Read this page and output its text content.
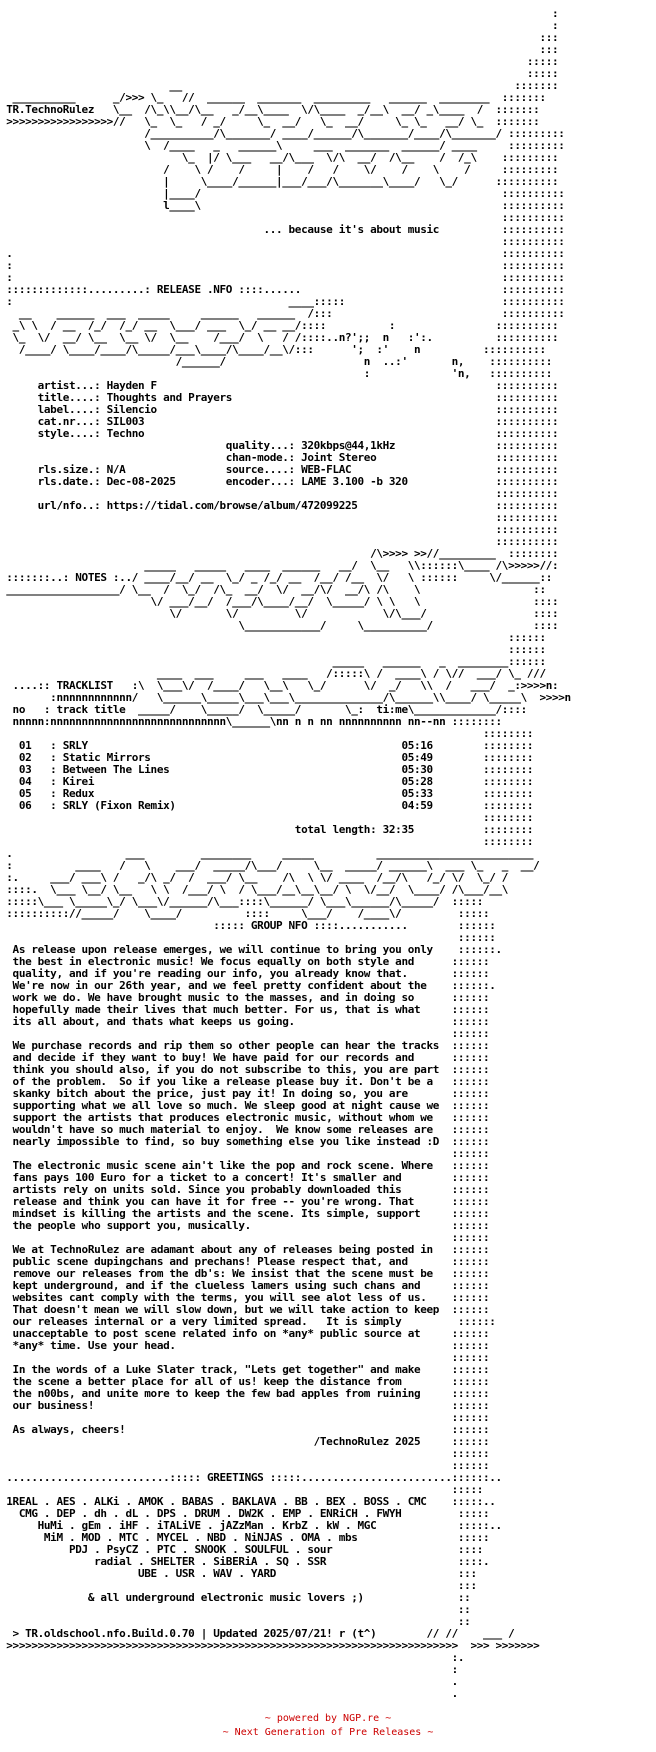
:
:
:::
:::
:::::
:::::
__                                                     :::::::
__________      _/>>> \_   //  ______  _______  _________   ______  ________  :::::::
TR.TechnoRulez   \__  /\_\\__/\__   _/__\____  \/\____  _/__\  __/ _\____  /  :::::::
>>>>>>>>>>>>>>>>>//   \_  \_   / _/     \_  __/   \_  __/     \_ \_   __/ \_  :::::::
/__________/\_______/ ____/______/\_______/____/\_______/ :::::::::
\  /____   _   ______\     ___  _______  ______/ ____     :::::::::
\_  |/ \___   __/\___  \/\  __/  /\__    /  /_\    :::::::::
/    \ /    /     |    /   /    \/    /    \    /     :::::::::
|     \____/______|___/___/\_______\____/   \_/      ::::::::::
|____/                                                ::::::::::
l____\                                                ::::::::::
::::::::::
... because it's about music          ::::::::::
::::::::::
.                                                                              ::::::::::
:                                                                              ::::::::::
:                                                                              ::::::::::
:::::::::::::.........: RELEASE .NFO ::::......                                ::::::::::
:                                            ____:::::                         ::::::::::
__    ______  ___  _____     ______   ______  /:::                           ::::::::::
_\ \  / __  /_/  /_/ __  \___/ ___  \_/ __ __/::::          :                ::::::::::
\_  \/  __/ \__  \__ \/  \__    /___/  \   / /::::..n?';;  n   :':.          ::::::::::
/____/ \____/____/\_____/___\____/\____/__\/:::      ';  :'    n          ::::::::::
/______/                      n  ..:'       n,    ::::::::::
:             'n,   ::::::::::
artist...: Hayden F                                                      ::::::::::
title....: Thoughts and Prayers                                          ::::::::::
label....: Silencio                                                      ::::::::::
cat.nr...: SIL003                                                        ::::::::::
style....: Techno                                                        ::::::::::
quality...: 320kbps@44,1kHz                ::::::::::
chan-mode.: Joint Stereo                   ::::::::::
rls.size.: N/A                source....: WEB-FLAC                       ::::::::::
rls.date.: Dec-08-2025        encoder...: LAME 3.100 -b 320              ::::::::::
::::::::::
url/nfo..: https://tidal.com/browse/album/472099225                      ::::::::::
::::::::::
::::::::::
::::::::::
/\>>>> >>//_________  ::::::::
_____   _____   ____  ______   __/  \__   \\::::::\____ /\>>>>>//:
:::::::..: NOTES :../ ____/__/ __  \_/ _ /_/ __  /__/ /__  \/   \ ::::::     \/______::
__________________/ \__  /  \_/  /\_  __/  \/  __/\/  __/\ /\    \                  ::
\/ ___/__/  /___/\____/__/  \_____/ \ \   \                  ::::
\/       \/         \/            \/\___/                 ::::
\____________/     \__________/                ::::
::::::
::::::
_____   ______   _  ________::::::
____  ___     ___   ____   /:::::\ /  ____\ / \//  ___/ \_ ///
....:: TRACKLIST   :\  \___\/  /____/   \__\   \_/      \/  _/   \\  /   ___/  _:>>>>n:
:nnnnnnnnnnnn/   \______\_____\___\___\______________/\______\\____/ \_____\  >>>>n
no   : track title  _____/    \_____/  \_____/       \_:  ti:me\_____________/::::
nnnnn:nnnnnnnnnnnnnnnnnnnnnnnnnnnn\______\nn n n nn nnnnnnnnnn nn--nn ::::::::
::::::::
01   : SRLY                                                  05:16        ::::::::
02   : Static Mirrors                                        05:49        ::::::::
03   : Between The Lines                                     05:30        ::::::::
04   : Kirei                                                 05:28        ::::::::
05   : Redux                                                 05:33        ::::::::
06   : SRLY (Fixon Remix)                                    04:59        ::::::::
::::::::
total length: 32:35           ::::::::
::::::::
.                  ___         ________     _____          _________________________
:          ____   /   \    ___/  _____/\___/     \__  _____/ ______\  ___ \_   _  __/
:.     ___/ ___\ /   _/\ _/  /  ___/ \__    /\  \ \/ ____  /__/\   /_/ \/  \_/ /
::::.  \___ \__/ \__   \ \  /___/ \  / \___/__\__\__/ \  \/__/  \____/ /\___/__\
:::::\___ \_____\_/ \___\/______/\___::::\______/ \___\______/\_____/  :::::
:::::::::://_____/    \____/          ::::     \___/    /____\/         :::::
::::: GROUP NFO ::::...........        ::::::
::::::
As release upon release emerges, we will continue to bring you only    ::::::.
the best in electronic music! We focus equally on both style and      ::::::
quality, and if you're reading our info, you already know that.       ::::::
We're now in our 26th year, and we feel pretty confident about the    ::::::.
work we do. We have brought music to the masses, and in doing so      ::::::
hopefully made their lives that much better. For us, that is what     ::::::
its all about, and thats what keeps us going.                         ::::::
::::::
We purchase records and rip them so other people can hear the tracks  ::::::
and decide if they want to buy! We have paid for our records and      ::::::
think you should also, if you do not subscribe to this, you are part  ::::::
of the problem.  So if you like a release please buy it. Don't be a   ::::::
skanky bitch about the price, just pay it! In doing so, you are       ::::::
supporting what we all love so much. We sleep good at night cause we  ::::::
support the artists that produces electronic music, without whom we   ::::::
wouldn't have so much material to enjoy.  We know some releases are   ::::::
nearly impossible to find, so buy something else you like instead :D  ::::::
::::::
The electronic music scene ain't like the pop and rock scene. Where   ::::::
fans pays 100 Euro for a ticket to a concert! It's smaller and        ::::::
artists rely on units sold. Since you probably downloaded this        ::::::
release and think you can have it for free -- you're wrong. That      ::::::
mindset is killing the artists and the scene. Its simple, support     ::::::
the people who support you, musically.                                ::::::
::::::
We at TechnoRulez are adamant about any of releases being posted in   ::::::
public scene dupingchans and prechans! Please respect that, and       ::::::
remove our releases from the db's: We insist that the scene must be   ::::::
kept underground, and if the clueless lamers using such chans and     ::::::
websites cant comply with the terms, you will see alot less of us.    ::::::
That doesn't mean we will slow down, but we will take action to keep  ::::::
our releases internal or a very limited spread.   It is simply         ::::::
unacceptable to post scene related info on *any* public source at     ::::::
*any* time. Use your head.                                            ::::::
::::::
In the words of a Luke Slater track, "Lets get together" and make     ::::::
the scene a better place for all of us! keep the distance from        ::::::
the n00bs, and unite more to keep the few bad apples from ruining     ::::::
our business!                                                         ::::::
::::::
As always, cheers!                                                    ::::::
/TechnoRulez 2025     ::::::
::::::
::::::
..........................::::: GREETINGS :::::........................::::::..
:::::
1REAL . AES . ALKi . AMOK . BABAS . BAKLAVA . BB . BEX . BOSS . CMC    :::::..
CMG . DEP . dh . dL . DPS . DRUM . DW2K . EMP . ENRiCH . FWYH         :::::
HuMi . gEm . iHF . iTALiVE . jAZzMan . KrbZ . kW . MGC             :::::..
MiM . MOD . MTC . MYCEL . NBD . NiNJAS . OMA . mbs                :::::
PDJ . PsyCZ . PTC . SNOOK . SOULFUL . sour                    ::::
radial . SHELTER . SiBERiA . SQ . SSR                     ::::.
UBE . USR . WAV . YARD                             :::
:::
& all underground electronic music lovers ;)               ::
::
::
> TR.oldschool.nfo.Build.0.70 | Updated 2025/07/21! r (t^)        // //    ___ /
>>>>>>>>>>>>>>>>>>>>>>>>>>>>>>>>>>>>>>>>>>>>>>>>>>>>>>>>>>>>>>>>>>>>>>>>  >>> >>>>>>>
:.
:
.
.
~ powered by NGP.re ~
~ Next Generation of Pre Releases ~
